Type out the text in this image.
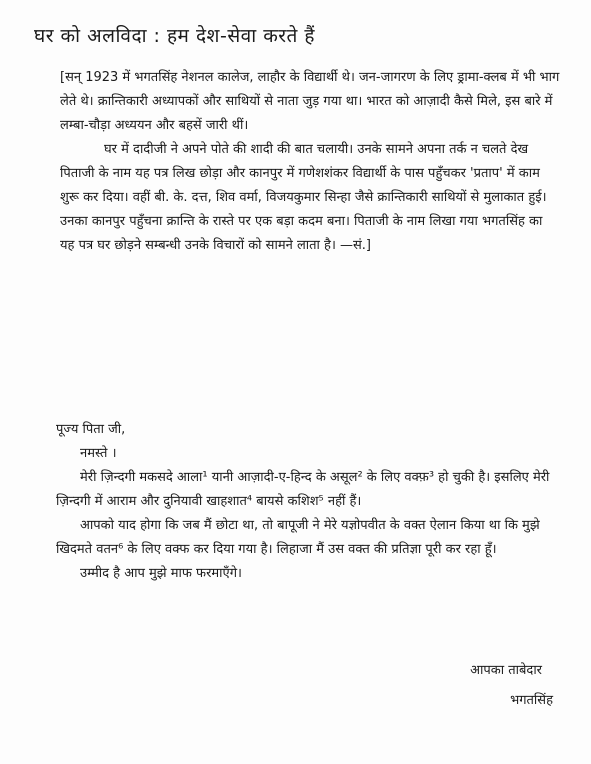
घर को अलविदा : हम देश-सेवा करते हैं

[सन् 1923 में भगतसिंह नेशनल कालेज, लाहौर के विद्यार्थी थे। जन-जागरण के लिए ड्रामा-क्लब में भी भाग लेते थे। क्रान्तिकारी अध्यापकों और साथियों से नाता जुड़ गया था। भारत को आज़ादी कैसे मिले, इस बारे में लम्बा-चौड़ा अध्ययन और बहसें जारी थीं।

घर में दादीजी ने अपने पोते की शादी की बात चलायी। उनके सामने अपना तर्क न चलते देख पिताजी के नाम यह पत्र लिख छोड़ा और कानपुर में गणेशशंकर विद्यार्थी के पास पहुँचकर 'प्रताप' में काम शुरू कर दिया। वहीं बी. के. दत्त, शिव वर्मा, विजयकुमार सिन्हा जैसे क्रान्तिकारी साथियों से मुलाकात हुई। उनका कानपुर पहुँचना क्रान्ति के रास्ते पर एक बड़ा कदम बना। पिताजी के नाम लिखा गया भगतसिंह का यह पत्र घर छोड़ने सम्बन्धी उनके विचारों को सामने लाता है। —सं.]

पूज्य पिता जी,

नमस्ते ।

मेरी ज़िन्दगी मकसदे आला¹ यानी आज़ादी-ए-हिन्द के असूल² के लिए वक्फ़³ हो चुकी है। इसलिए मेरी ज़िन्दगी में आराम और दुनियावी खाहशात⁴ बायसे कशिश⁵ नहीं हैं।

आपको याद होगा कि जब मैं छोटा था, तो बापूजी ने मेरे यज्ञोपवीत के वक्त ऐलान किया था कि मुझे खिदमते वतन⁶ के लिए वक्फ कर दिया गया है। लिहाजा मैं उस वक्त की प्रतिज्ञा पूरी कर रहा हूँ।

उम्मीद है आप मुझे माफ फरमाएँगे।

आपका ताबेदार
भगतसिंह
